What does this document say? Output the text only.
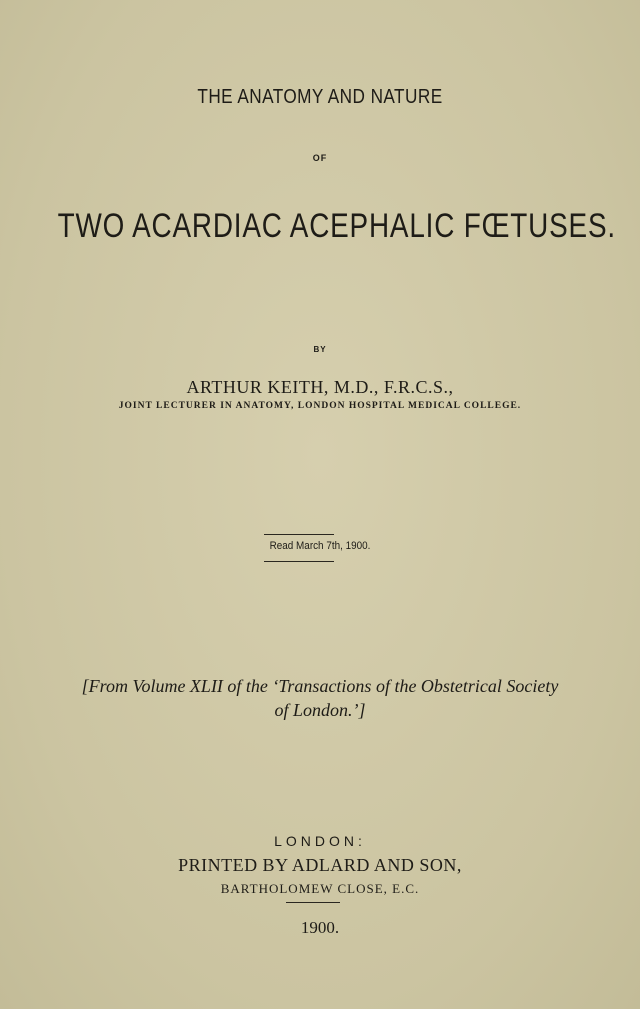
THE ANATOMY AND NATURE
OF
TWO ACARDIAC ACEPHALIC FŒTUSES.
BY
ARTHUR KEITH, M.D., F.R.C.S.,
JOINT LECTURER IN ANATOMY, LONDON HOSPITAL MEDICAL COLLEGE.
Read March 7th, 1900.
[From Volume XLII of the ‘Transactions of the Obstetrical Society
of London.’]
LONDON:
PRINTED BY ADLARD AND SON,
BARTHOLOMEW CLOSE, E.C.
1900.
